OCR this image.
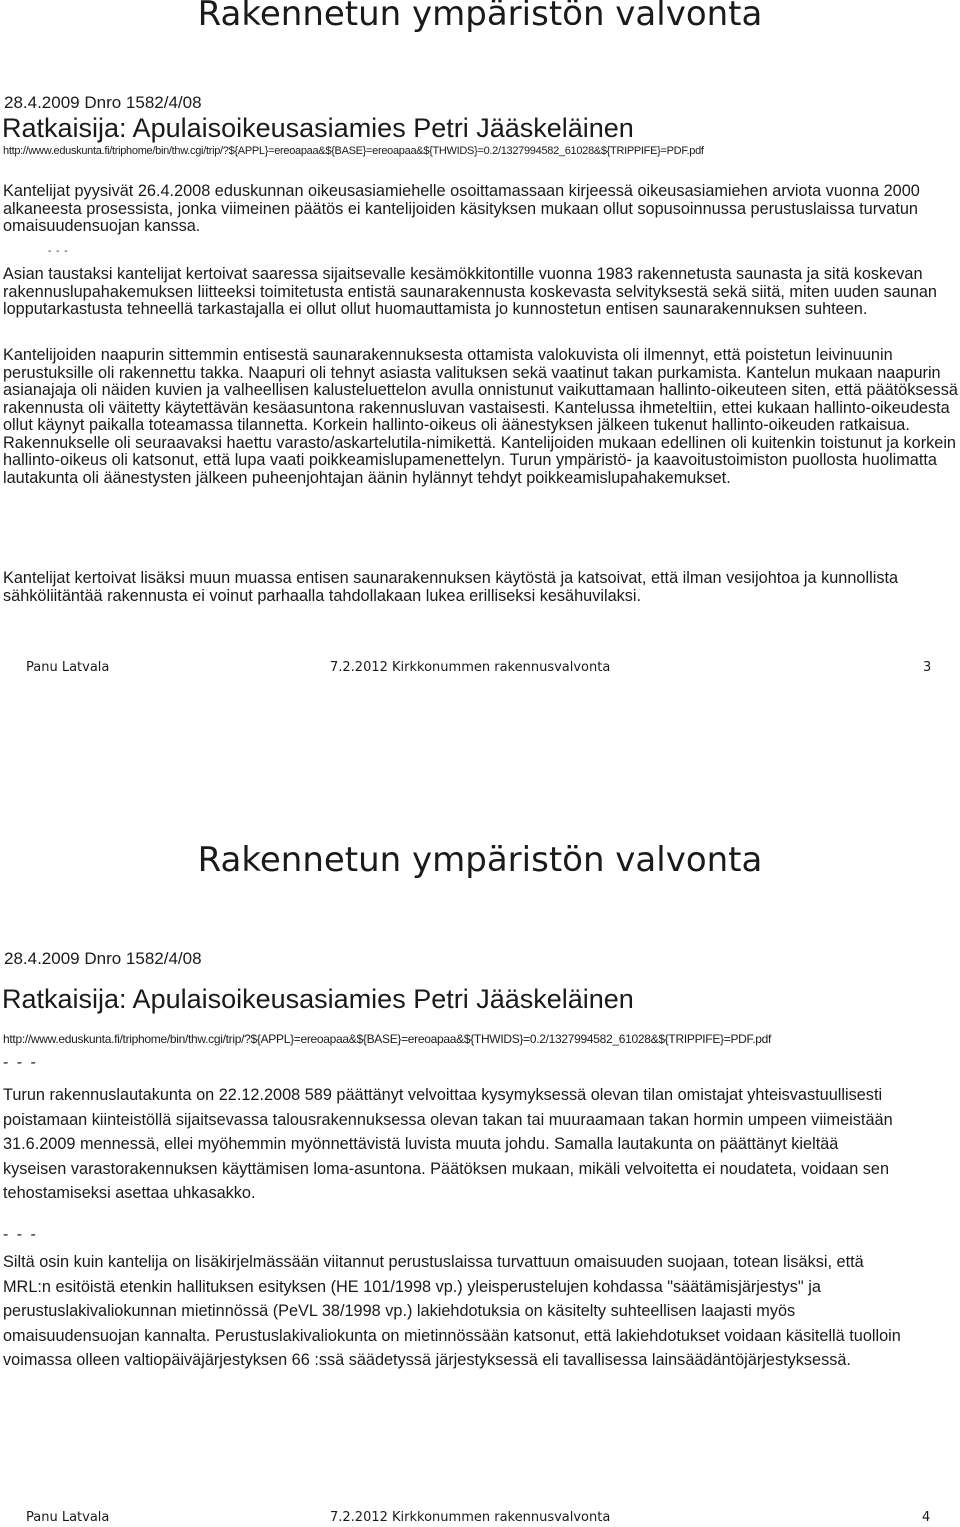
Rakennetun ympäristön valvonta
28.4.2009 Dnro 1582/4/08
Ratkaisija: Apulaisoikeusasiamies Petri Jääskeläinen
http://www.eduskunta.fi/triphome/bin/thw.cgi/trip/?${APPL}=ereoapaa&${BASE}=ereoapaa&${THWIDS}=0.2/1327994582_61028&${TRIPPIFE}=PDF.pdf

Kantelijat pyysivät 26.4.2008 eduskunnan oikeusasiamiehelle osoittamassaan kirjeessä oikeusasiamiehen arviota vuonna 2000 alkaneesta prosessista, jonka viimeinen päätös ei kantelijoiden käsityksen mukaan ollut sopusoinnussa perustuslaissa turvatun omaisuudensuojan kanssa.

- - -

Asian taustaksi kantelijat kertoivat saaressa sijaitsevalle kesämökkitontille vuonna 1983 rakennetusta saunasta ja sitä koskevan rakennuslupahakemuksen liitteeksi toimitetusta entistä saunarakennusta koskevasta selvityksestä sekä siitä, miten uuden saunan lopputarkastusta tehneellä tarkastajalla ei ollut ollut huomauttamista jo kunnostetun entisen saunarakennuksen suhteen.

Kantelijoiden naapurin sittemmin entisestä saunarakennuksesta ottamista valokuvista oli ilmennyt, että poistetun leivinuunin perustuksille oli rakennettu takka. Naapuri oli tehnyt asiasta valituksen sekä vaatinut takan purkamista. Kantelun mukaan naapurin asianajaja oli näiden kuvien ja valheellisen kalusteluettelon avulla onnistunut vaikuttamaan hallinto-oikeuteen siten, että päätöksessä rakennusta oli väitetty käytettävän kesäasuntona rakennusluvan vastaisesti. Kantelussa ihmeteltiin, ettei kukaan hallinto-oikeudesta ollut käynyt paikalla toteamassa tilannetta. Korkein hallinto-oikeus oli äänestyksen jälkeen tukenut hallinto-oikeuden ratkaisua. Rakennukselle oli seuraavaksi haettu varasto/askartelutila-nimikettä. Kantelijoiden mukaan edellinen oli kuitenkin toistunut ja korkein hallinto-oikeus oli katsonut, että lupa vaati poikkeamislupamenettelyn. Turun ympäristö- ja kaavoitustoimiston puollosta huolimatta lautakunta oli äänestysten jälkeen puheenjohtajan äänin hylännyt tehdyt poikkeamislupahakemukset.

Kantelijat kertoivat lisäksi muun muassa entisen saunarakennuksen käytöstä ja katsoivat, että ilman vesijohtoa ja kunnollista sähköliitäntää rakennusta ei voinut parhaalla tahdollakaan lukea erilliseksi kesähuvilaksi.

Panu Latvala	7.2.2012 Kirkkonummen rakennusvalvonta	3
Rakennetun ympäristön valvonta
28.4.2009 Dnro 1582/4/08
Ratkaisija: Apulaisoikeusasiamies Petri Jääskeläinen
http://www.eduskunta.fi/triphome/bin/thw.cgi/trip/?${APPL}=ereoapaa&${BASE}=ereoapaa&${THWIDS}=0.2/1327994582_61028&${TRIPPIFE}=PDF.pdf
- - -

Turun rakennuslautakunta on 22.12.2008 589 päättänyt velvoittaa kysymyksessä olevan tilan omistajat yhteisvastuullisesti poistamaan kiinteistöllä sijaitsevassa talousrakennuksessa olevan takan tai muuraamaan takan hormin umpeen viimeistään 31.6.2009 mennessä, ellei myöhemmin myönnettävistä luvista muuta johdu. Samalla lautakunta on päättänyt kieltää kyseisen varastorakennuksen käyttämisen loma-asuntona. Päätöksen mukaan, mikäli velvoitetta ei noudateta, voidaan sen tehostamiseksi asettaa uhkasakko.

- - -

Siltä osin kuin kantelija on lisäkirjelmässään viitannut perustuslaissa turvattuun omaisuuden suojaan, totean lisäksi, että MRL:n esitöistä etenkin hallituksen esityksen (HE 101/1998 vp.) yleisperustelujen kohdassa "säätämisjärjestys" ja perustuslakivaliokunnan mietinnössä (PeVL 38/1998 vp.) lakiehdotuksia on käsitelty suhteellisen laajasti myös omaisuudensuojan kannalta. Perustuslakivaliokunta on mietinnössään katsonut, että lakiehdotukset voidaan käsitellä tuolloin voimassa olleen valtiopäiväjärjestyksen 66 :ssä säädetyssä järjestyksessä eli tavallisessa lainsäädäntöjärjestyksessä.

Panu Latvala	7.2.2012 Kirkkonummen rakennusvalvonta	4
